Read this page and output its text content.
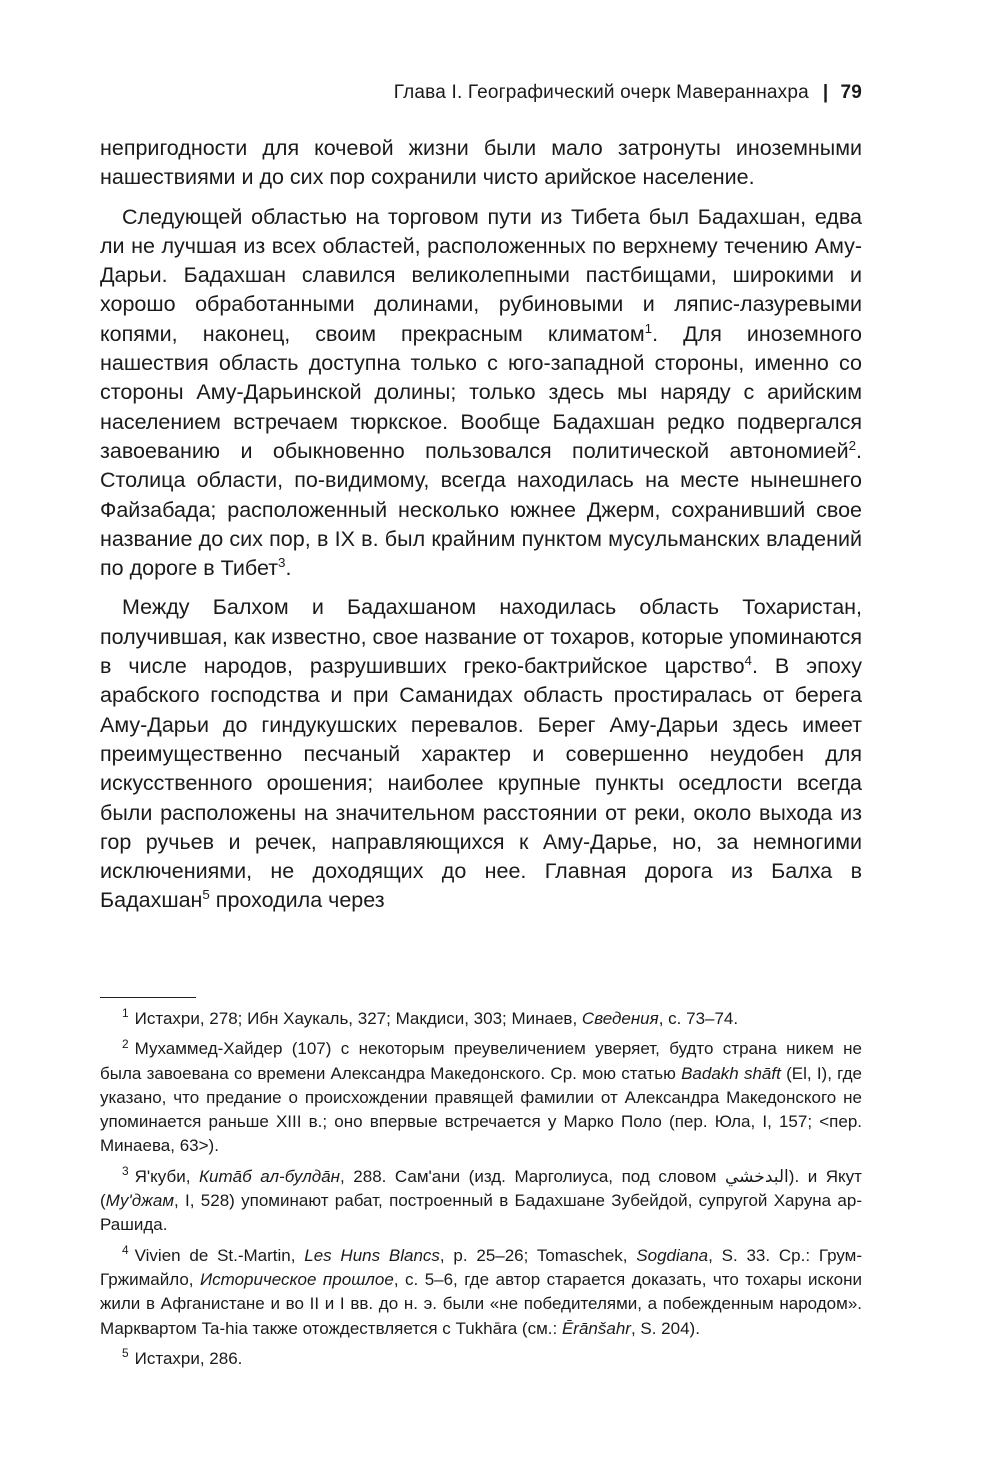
Глава I. Географический очерк Мавераннахра | 79

непригодности для кочевой жизни были мало затронуты иноземными нашествиями и до сих пор сохранили чисто арийское население.

Следующей областью на торговом пути из Тибета был Бадахшан, едва ли не лучшая из всех областей, расположенных по верхнему течению Аму-Дарьи. Бадахшан славился великолепными пастбищами, широкими и хорошо обработанными долинами, рубиновыми и ляпис-лазуревыми копями, наконец, своим прекрасным климатом$^1$. Для иноземного нашествия область доступна только с юго-западной стороны, именно со стороны Аму-Дарьинской долины; только здесь мы наряду с арийским населением встречаем тюркское. Вообще Бадахшан редко подвергался завоеванию и обыкновенно пользовался политической автономией$^2$. Столица области, по-видимому, всегда находилась на месте нынешнего Файзабада; расположенный несколько южнее Джерм, сохранивший свое название до сих пор, в IX в. был крайним пунктом мусульманских владений по дороге в Тибет$^3$.

Между Балхом и Бадахшаном находилась область Тохаристан, получившая, как известно, свое название от тохаров, которые упоминаются в числе народов, разрушивших греко-бактрийское царство$^4$. В эпоху арабского господства и при Саманидах область простиралась от берега Аму-Дарьи до гиндукушских перевалов. Берег Аму-Дарьи здесь имеет преимущественно песчаный характер и совершенно неудобен для искусственного орошения; наиболее крупные пункты оседлости всегда были расположены на значительном расстоянии от реки, около выхода из гор ручьев и речек, направляющихся к Аму-Дарье, но, за немногими исключениями, не доходящих до нее. Главная дорога из Балха в Бадахшан$^5$ проходила через

$^1$ Истахри, 278; Ибн Хаукаль, 327; Макдиси, 303; Минаев, Сведения, с. 73–74.

$^2$ Мухаммед-Хайдер (107) с некоторым преувеличением уверяет, будто страна никем не была завоевана со времени Александра Македонского. Ср. мою статью Badakh shāft (El, I), где указано, что предание о происхождении правящей фамилии от Александра Македонского не упоминается раньше XIII в.; оно впервые встречается у Марко Поло (пер. Юла, I, 157; <пер. Минаева, 63>).

$^3$ Я'куби, Китāб ал-булдāн, 288. Сам'ани (изд. Марголиуса, под словом البدخشي). и Якут (Му'джам, I, 528) упоминают рабат, построенный в Бадахшане Зубейдой, супругой Харуна ар-Рашида.

$^4$ Vivien de St.-Martin, Les Huns Blancs, p. 25–26; Tomaschek, Sogdiana, S. 33. Ср.: Грум-Гржимайло, Историческое прошлое, с. 5–6, где автор старается доказать, что тохары искони жили в Афганистане и во II и I вв. до н. э. были «не победителями, а побежденным народом». Марквартом Ta-hia также отождествляется с Tukhāra (см.: Ērānšahr, S. 204).

$^5$ Истахри, 286.
